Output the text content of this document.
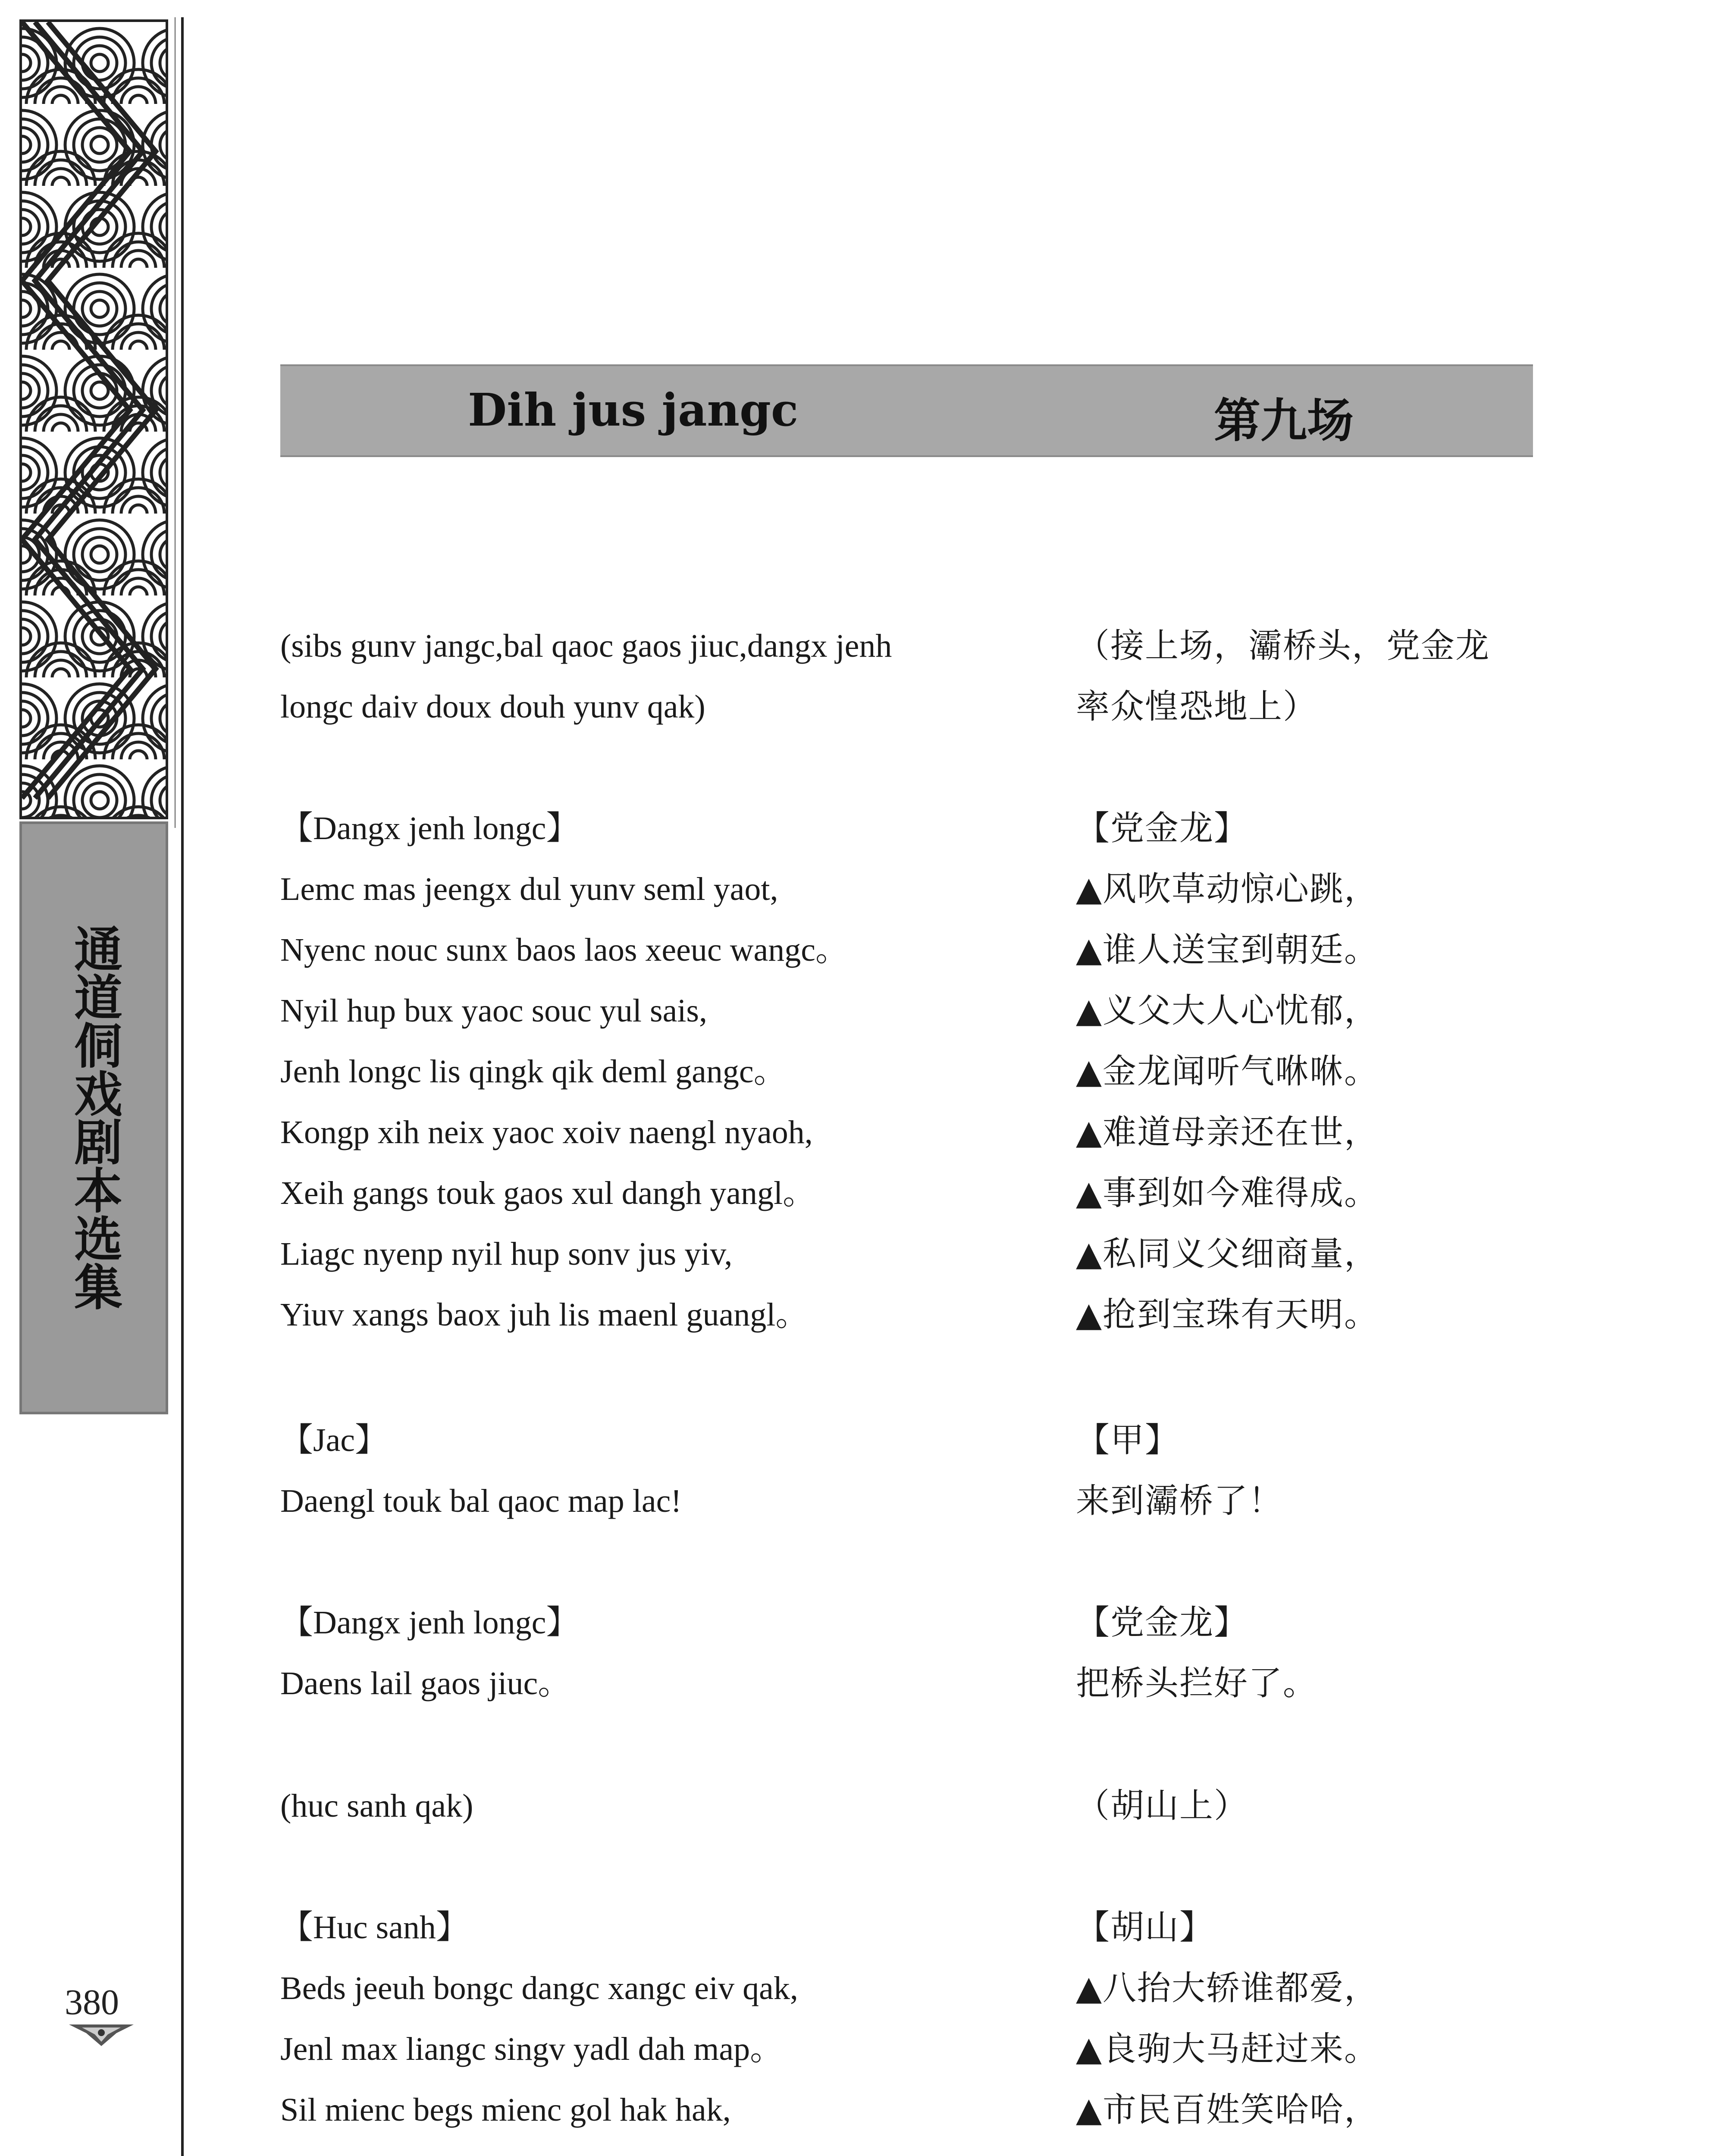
通道侗戏剧本选集
380
Dih jus jangc	第九场
(sibs gunv jangc,bal qaoc gaos jiuc,dangx jenh
longc daiv doux douh yunv qak)
（接上场，灞桥头，党金龙
率众惶恐地上）
【Dangx jenh longc】
Lemc mas jeengx dul yunv seml yaot,
Nyenc nouc sunx baos laos xeeuc wangc。
Nyil hup bux yaoc souc yul sais,
Jenh longc lis qingk qik deml gangc。
Kongp xih neix yaoc xoiv naengl nyaoh,
Xeih gangs touk gaos xul dangh yangl。
Liagc nyenp nyil hup sonv jus yiv,
Yiuv xangs baox juh lis maenl guangl。
【党金龙】
▲风吹草动惊心跳，
▲谁人送宝到朝廷。
▲义父大人心忧郁，
▲金龙闻听气咻咻。
▲难道母亲还在世，
▲事到如今难得成。
▲私同义父细商量，
▲抢到宝珠有天明。
【Jac】
Daengl touk bal qaoc map lac!
【甲】
来到灞桥了！
【Dangx jenh longc】
Daens lail gaos jiuc。
【党金龙】
把桥头拦好了。
(huc sanh qak)	（胡山上）
【Huc sanh】
Beds jeeuh bongc dangc xangc eiv qak,
Jenl max liangc singv yadl dah map。
Sil mienc begs mienc gol hak hak,
【胡山】
▲八抬大轿谁都爱，
▲良驹大马赶过来。
▲市民百姓笑哈哈，
